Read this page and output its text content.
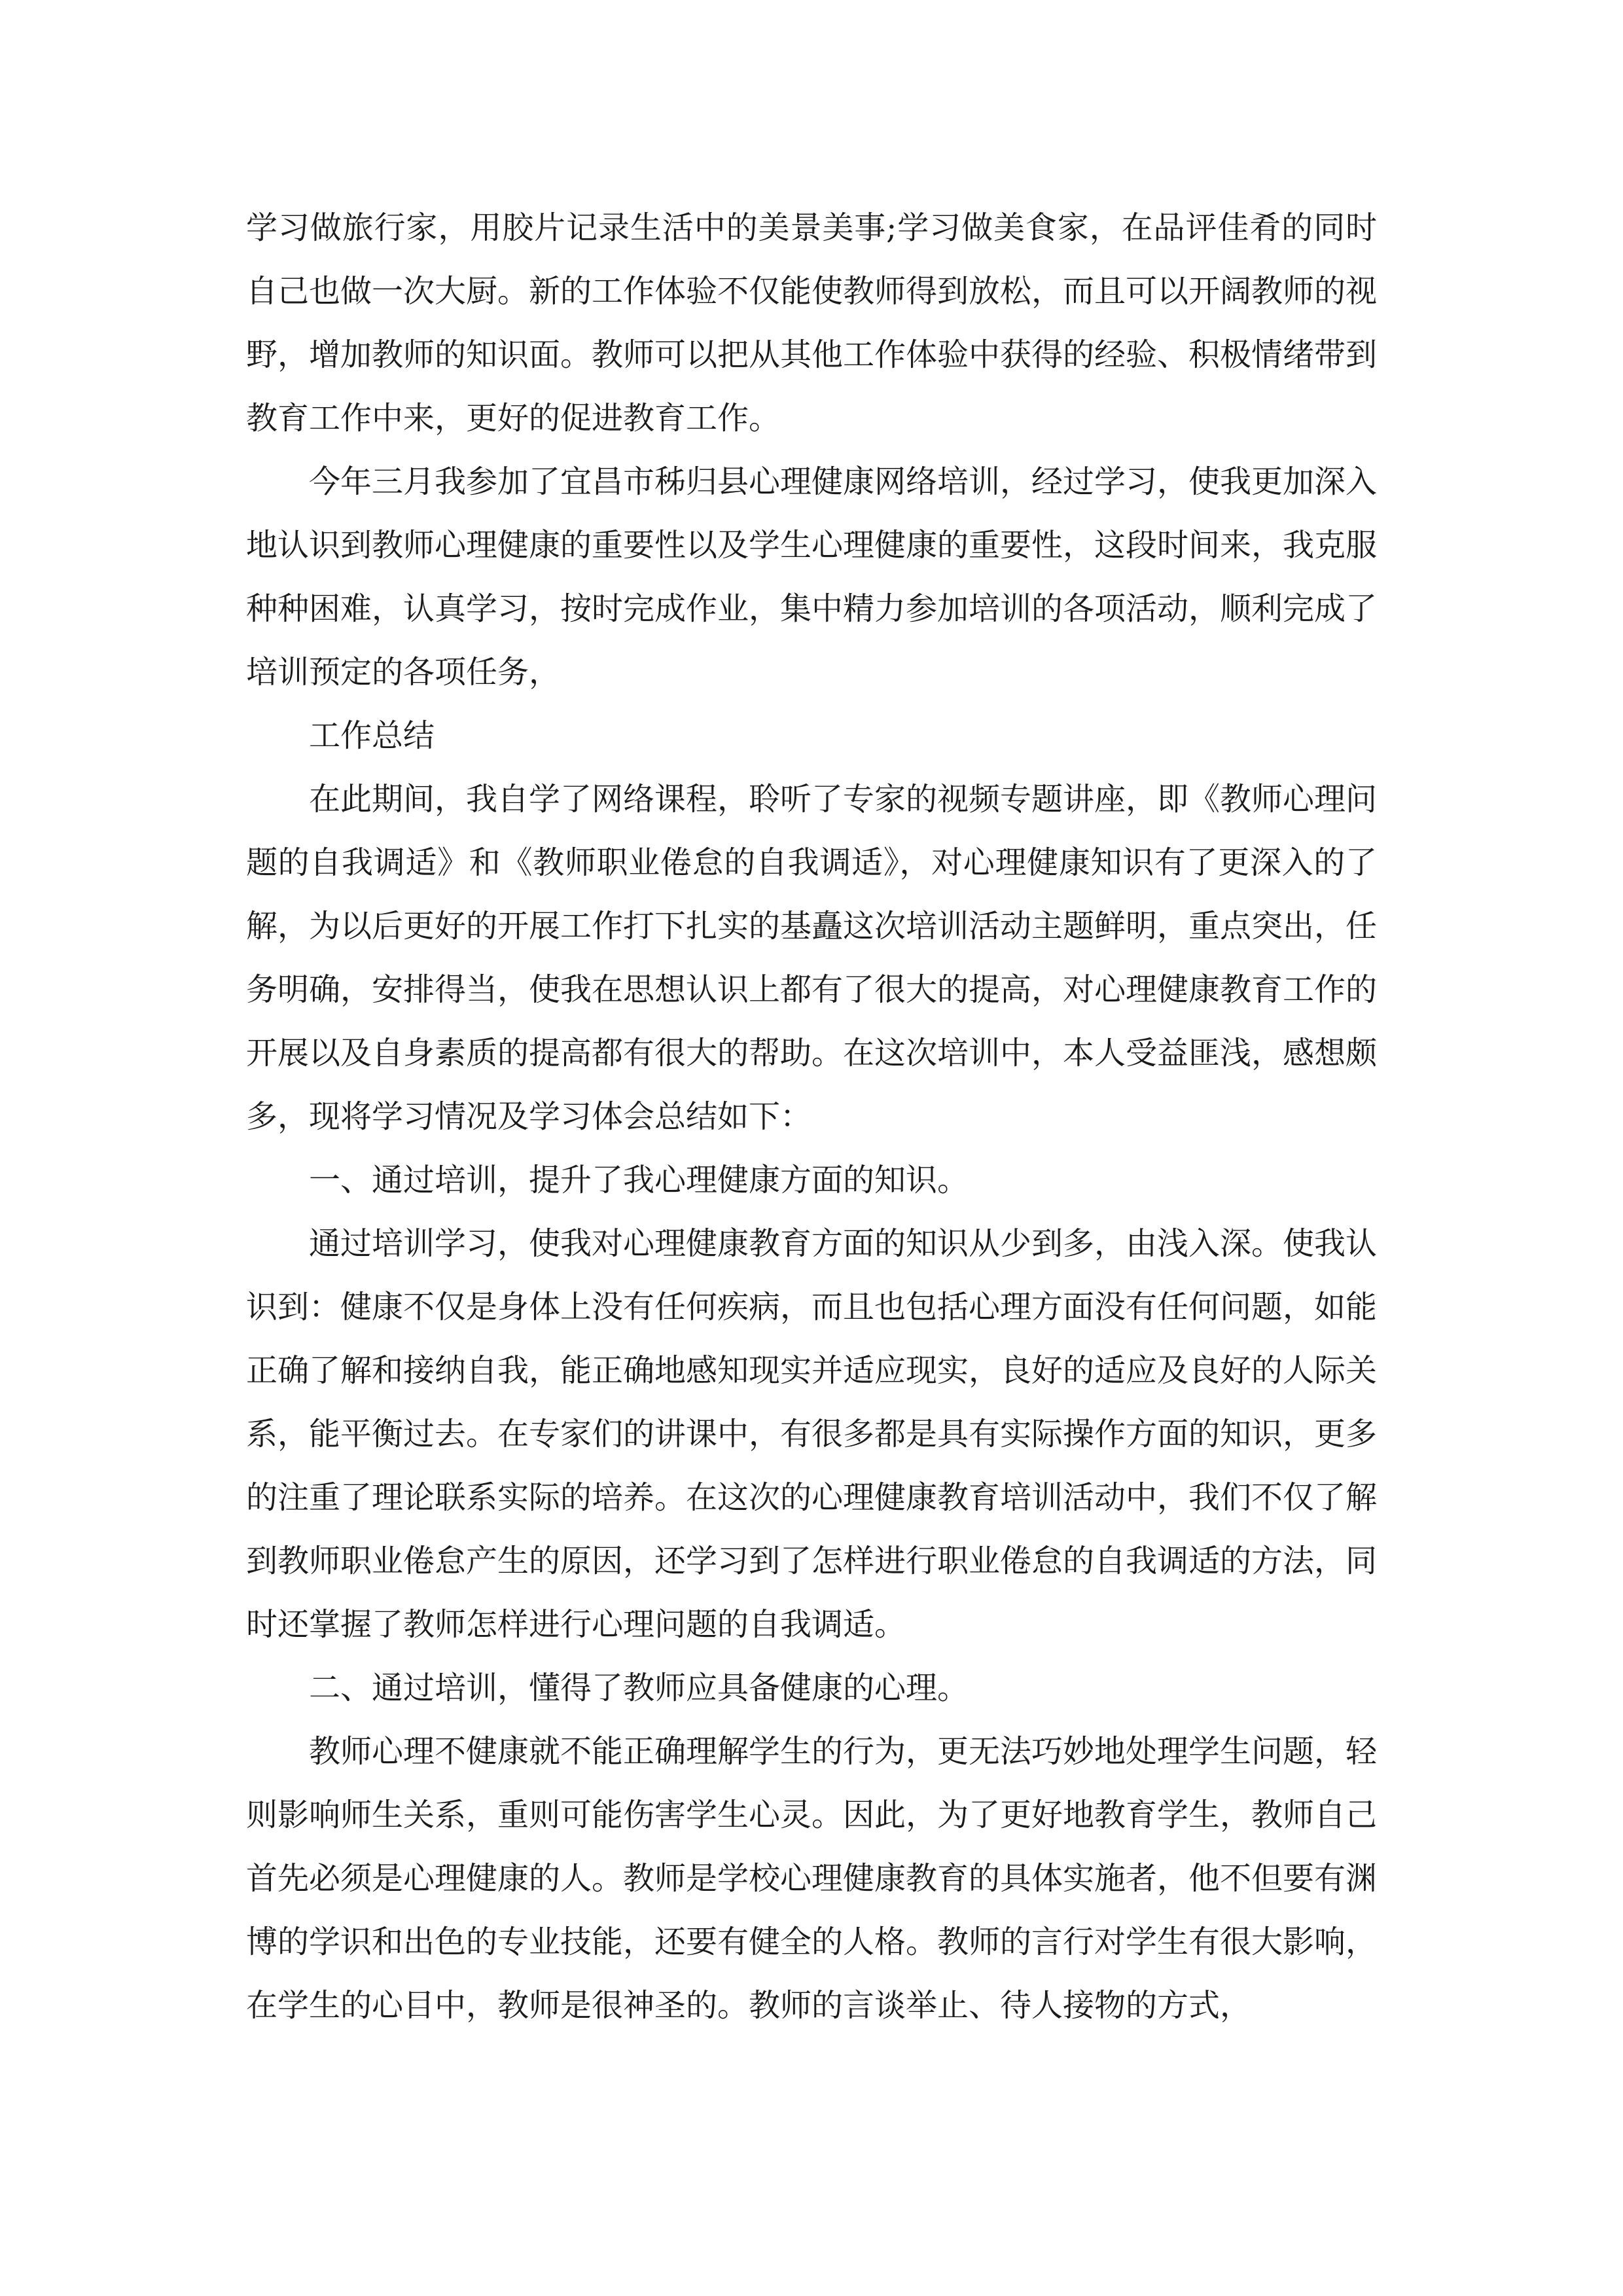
学习做旅行家，用胶片记录生活中的美景美事;学习做美食家，在品评佳肴的同时自己也做一次大厨。新的工作体验不仅能使教师得到放松，而且可以开阔教师的视野，增加教师的知识面。教师可以把从其他工作体验中获得的经验、积极情绪带到教育工作中来，更好的促进教育工作。

今年三月我参加了宜昌市秭归县心理健康网络培训，经过学习，使我更加深入地认识到教师心理健康的重要性以及学生心理健康的重要性，这段时间来，我克服种种困难，认真学习，按时完成作业，集中精力参加培训的各项活动，顺利完成了培训预定的各项任务，

工作总结

在此期间，我自学了网络课程，聆听了专家的视频专题讲座，即《教师心理问题的自我调适》和《教师职业倦怠的自我调适》，对心理健康知识有了更深入的了解，为以后更好的开展工作打下扎实的基矗这次培训活动主题鲜明，重点突出，任务明确，安排得当，使我在思想认识上都有了很大的提高，对心理健康教育工作的开展以及自身素质的提高都有很大的帮助。在这次培训中，本人受益匪浅，感想颇多，现将学习情况及学习体会总结如下：

一、通过培训，提升了我心理健康方面的知识。

通过培训学习，使我对心理健康教育方面的知识从少到多，由浅入深。使我认识到：健康不仅是身体上没有任何疾病，而且也包括心理方面没有任何问题，如能正确了解和接纳自我，能正确地感知现实并适应现实，良好的适应及良好的人际关系，能平衡过去。在专家们的讲课中，有很多都是具有实际操作方面的知识，更多的注重了理论联系实际的培养。在这次的心理健康教育培训活动中，我们不仅了解到教师职业倦怠产生的原因，还学习到了怎样进行职业倦怠的自我调适的方法，同时还掌握了教师怎样进行心理问题的自我调适。

二、通过培训，懂得了教师应具备健康的心理。

教师心理不健康就不能正确理解学生的行为，更无法巧妙地处理学生问题，轻则影响师生关系，重则可能伤害学生心灵。因此，为了更好地教育学生，教师自己首先必须是心理健康的人。教师是学校心理健康教育的具体实施者，他不但要有渊博的学识和出色的专业技能，还要有健全的人格。教师的言行对学生有很大影响，在学生的心目中，教师是很神圣的。教师的言谈举止、待人接物的方式，
